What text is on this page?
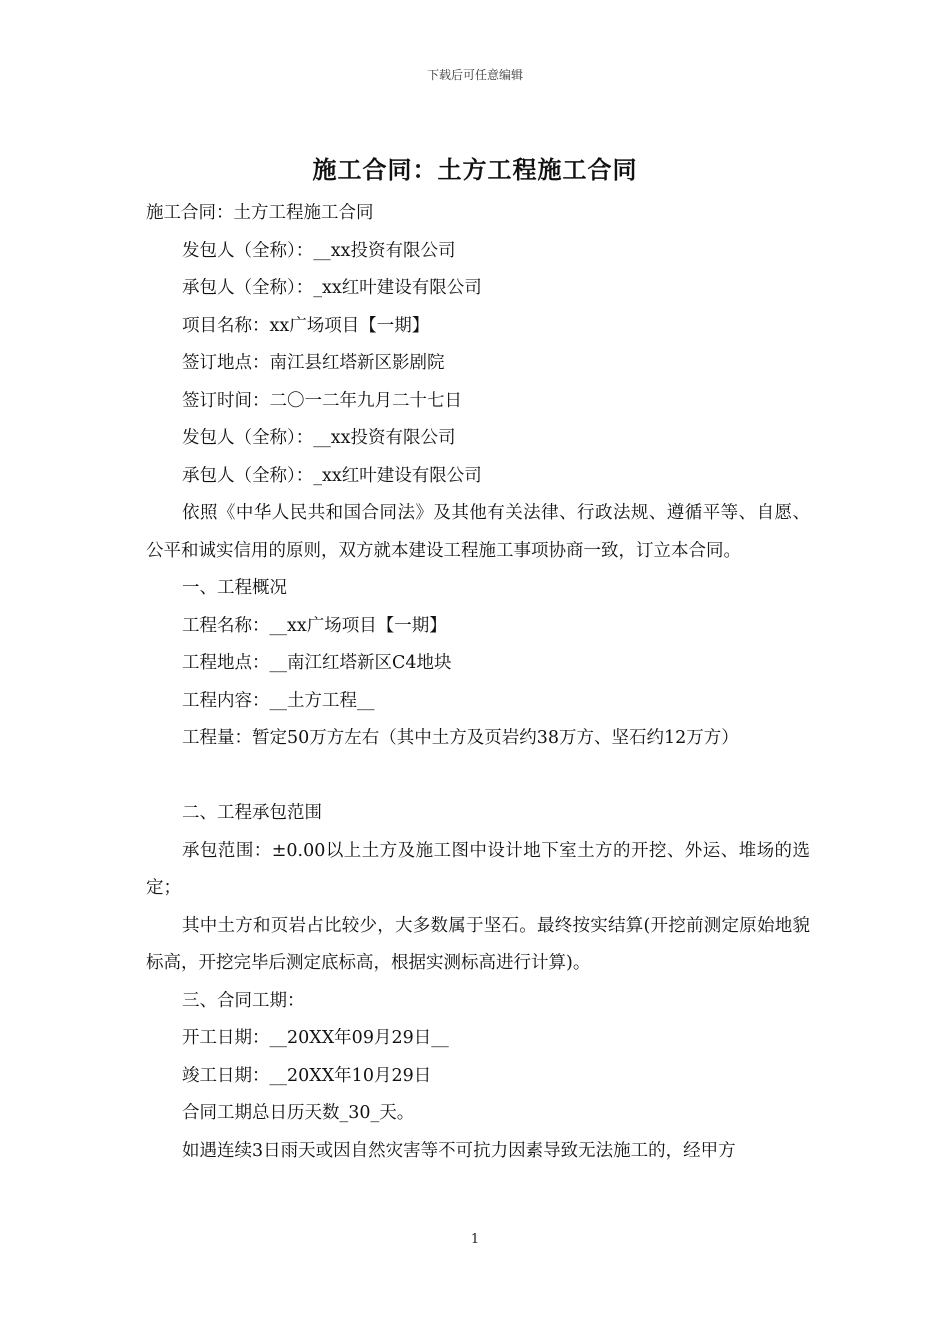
下载后可任意编辑
施工合同：土方工程施工合同

施工合同：土方工程施工合同

发包人（全称）：__xx投资有限公司

承包人（全称）：_xx红叶建设有限公司

项目名称：xx广场项目【一期】

签订地点：南江县红塔新区影剧院

签订时间：二〇一二年九月二十七日

发包人（全称）：__xx投资有限公司

承包人（全称）：_xx红叶建设有限公司

依照《中华人民共和国合同法》及其他有关法律、行政法规、遵循平等、自愿、公平和诚实信用的原则，双方就本建设工程施工事项协商一致，订立本合同。

一、工程概况

工程名称：__xx广场项目【一期】

工程地点：__南江红塔新区C4地块

工程内容：__土方工程__

工程量：暂定50万方左右（其中土方及页岩约38万方、坚石约12万方）

二、工程承包范围

承包范围：±0.00以上土方及施工图中设计地下室土方的开挖、外运、堆场的选定；

其中土方和页岩占比较少，大多数属于坚石。最终按实结算(开挖前测定原始地貌标高，开挖完毕后测定底标高，根据实测标高进行计算)。

三、合同工期：

开工日期：__20XX年09月29日__

竣工日期：__20XX年10月29日

合同工期总日历天数_30_天。

如遇连续3日雨天或因自然灾害等不可抗力因素导致无法施工的，经甲方

1
